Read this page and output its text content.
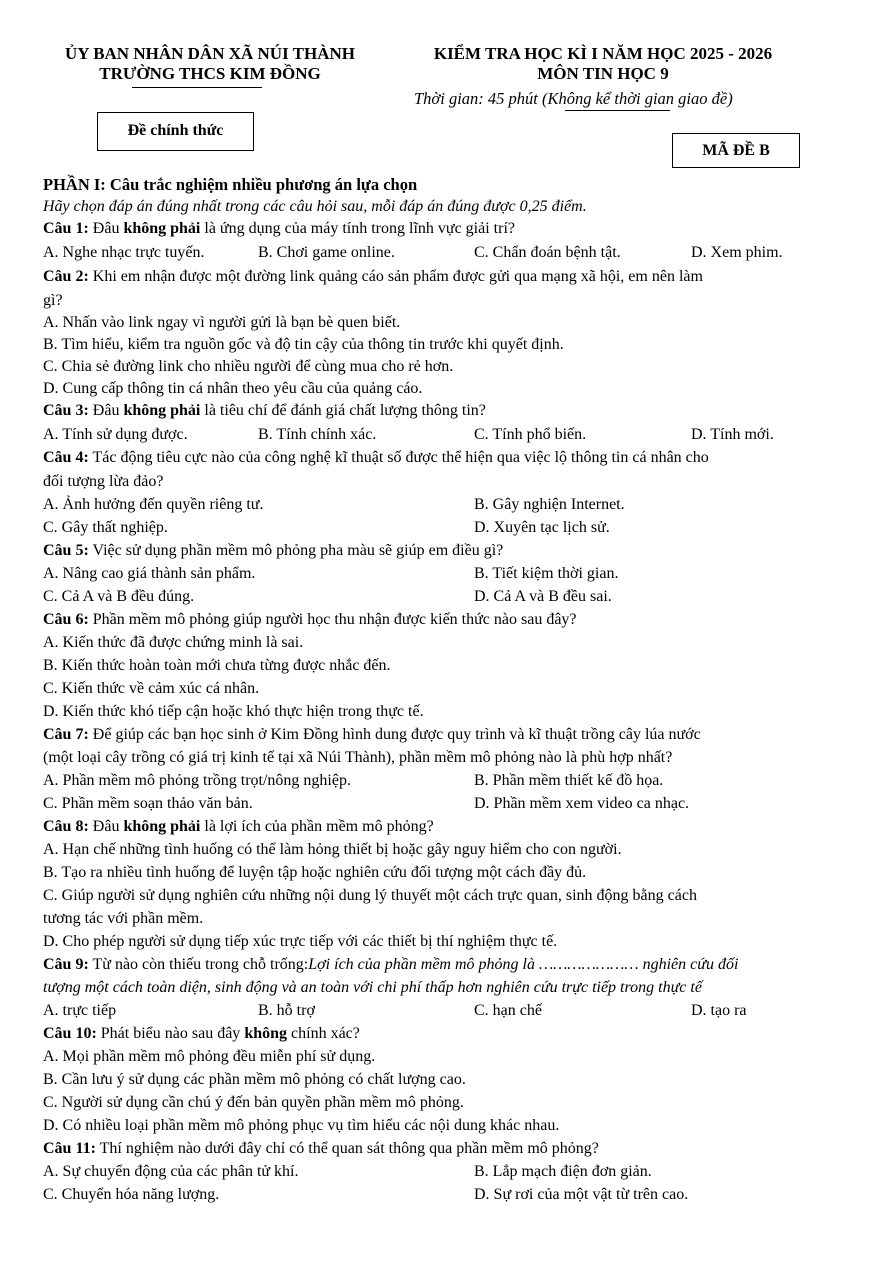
ỦY BAN NHÂN DÂN XÃ NÚI THÀNH
TRƯỜNG THCS KIM ĐỒNG
KIỂM TRA HỌC KÌ I NĂM HỌC 2025 - 2026
MÔN TIN HỌC 9
Thời gian: 45 phút (Không kể thời gian giao đề)
Đề chính thức
MÃ ĐỀ B
PHẦN I: Câu trắc nghiệm nhiều phương án lựa chọn
Hãy chọn đáp án đúng nhất trong các câu hỏi sau, mỗi đáp án đúng được 0,25 điểm.
Câu 1: Đâu không phải là ứng dụng của máy tính trong lĩnh vực giải trí?
A. Nghe nhạc trực tuyến.	B. Chơi game online.	C. Chẩn đoán bệnh tật.	D. Xem phim.
Câu 2: Khi em nhận được một đường link quảng cáo sản phẩm được gửi qua mạng xã hội, em nên làm
gì?
A. Nhấn vào link ngay vì người gửi là bạn bè quen biết.
B. Tìm hiểu, kiểm tra nguồn gốc và độ tin cậy của thông tin trước khi quyết định.
C. Chia sẻ đường link cho nhiều người để cùng mua cho rẻ hơn.
D. Cung cấp thông tin cá nhân theo yêu cầu của quảng cáo.
Câu 3: Đâu không phải là tiêu chí để đánh giá chất lượng thông tin?
A. Tính sử dụng được.	B. Tính chính xác.	C. Tính phổ biến.	D. Tính mới.
Câu 4: Tác động tiêu cực nào của công nghệ kĩ thuật số được thể hiện qua việc lộ thông tin cá nhân cho
đối tượng lừa đảo?
A. Ảnh hưởng đến quyền riêng tư.	B. Gây nghiện Internet.
C. Gây thất nghiệp.	D. Xuyên tạc lịch sử.
Câu 5: Việc sử dụng phần mềm mô phỏng pha màu sẽ giúp em điều gì?
A. Nâng cao giá thành sản phẩm.	B. Tiết kiệm thời gian.
C. Cả A và B đều đúng.	D. Cả A và B đều sai.
Câu 6: Phần mềm mô phỏng giúp người học thu nhận được kiến thức nào sau đây?
A. Kiến thức đã được chứng minh là sai.
B. Kiến thức hoàn toàn mới chưa từng được nhắc đến.
C. Kiến thức về cảm xúc cá nhân.
D. Kiến thức khó tiếp cận hoặc khó thực hiện trong thực tế.
Câu 7: Để giúp các bạn học sinh ở Kim Đồng hình dung được quy trình và kĩ thuật trồng cây lúa nước
(một loại cây trồng có giá trị kinh tế tại xã Núi Thành), phần mềm mô phỏng nào là phù hợp nhất?
A. Phần mềm mô phỏng trồng trọt/nông nghiệp.	B. Phần mềm thiết kế đồ họa.
C. Phần mềm soạn thảo văn bản.	D. Phần mềm xem video ca nhạc.
Câu 8: Đâu không phải là lợi ích của phần mềm mô phỏng?
A. Hạn chế những tình huống có thể làm hỏng thiết bị hoặc gây nguy hiểm cho con người.
B. Tạo ra nhiều tình huống để luyện tập hoặc nghiên cứu đối tượng một cách đầy đủ.
C. Giúp người sử dụng nghiên cứu những nội dung lý thuyết một cách trực quan, sinh động bằng cách
tương tác với phần mềm.
D. Cho phép người sử dụng tiếp xúc trực tiếp với các thiết bị thí nghiệm thực tế.
Câu 9: Từ nào còn thiếu trong chỗ trống:Lợi ích của phần mềm mô phỏng là ………………… nghiên cứu đối
tượng một cách toàn diện, sinh động và an toàn với chi phí thấp hơn nghiên cứu trực tiếp trong thực tế
A. trực tiếp	B. hỗ trợ	C. hạn chế	D. tạo ra
Câu 10: Phát biểu nào sau đây không chính xác?
A. Mọi phần mềm mô phỏng đều miễn phí sử dụng.
B. Cần lưu ý sử dụng các phần mềm mô phỏng có chất lượng cao.
C. Người sử dụng cần chú ý đến bản quyền phần mềm mô phỏng.
D. Có nhiều loại phần mềm mô phỏng phục vụ tìm hiểu các nội dung khác nhau.
Câu 11: Thí nghiệm nào dưới đây chỉ có thể quan sát thông qua phần mềm mô phỏng?
A. Sự chuyển động của các phân tử khí.	B. Lắp mạch điện đơn giản.
C. Chuyển hóa năng lượng.	D. Sự rơi của một vật từ trên cao.
